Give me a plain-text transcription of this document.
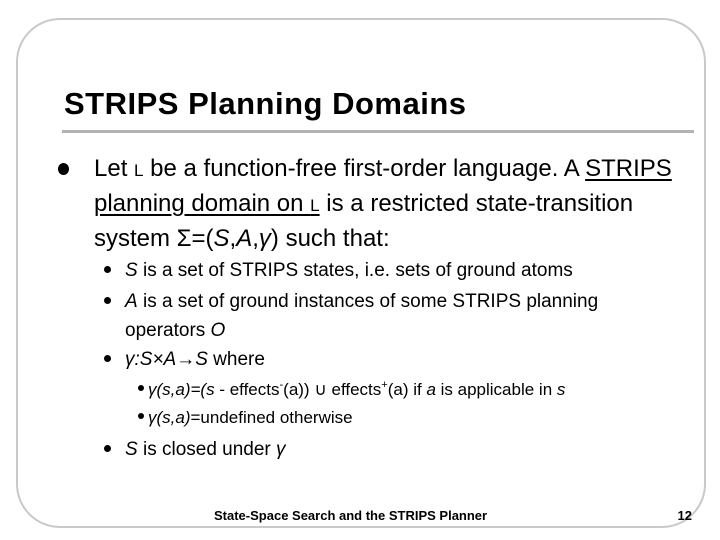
STRIPS Planning Domains
Let L be a function-free first-order language. A STRIPS planning domain on L is a restricted state-transition system Σ=(S,A,γ) such that:
S is a set of STRIPS states, i.e. sets of ground atoms
A is a set of ground instances of some STRIPS planning operators O
γ:S×A→S where
γ(s,a)=(s - effects-(a)) ∪ effects+(a) if a is applicable in s
γ(s,a)=undefined otherwise
S is closed under γ
State-Space Search and the STRIPS Planner	12
